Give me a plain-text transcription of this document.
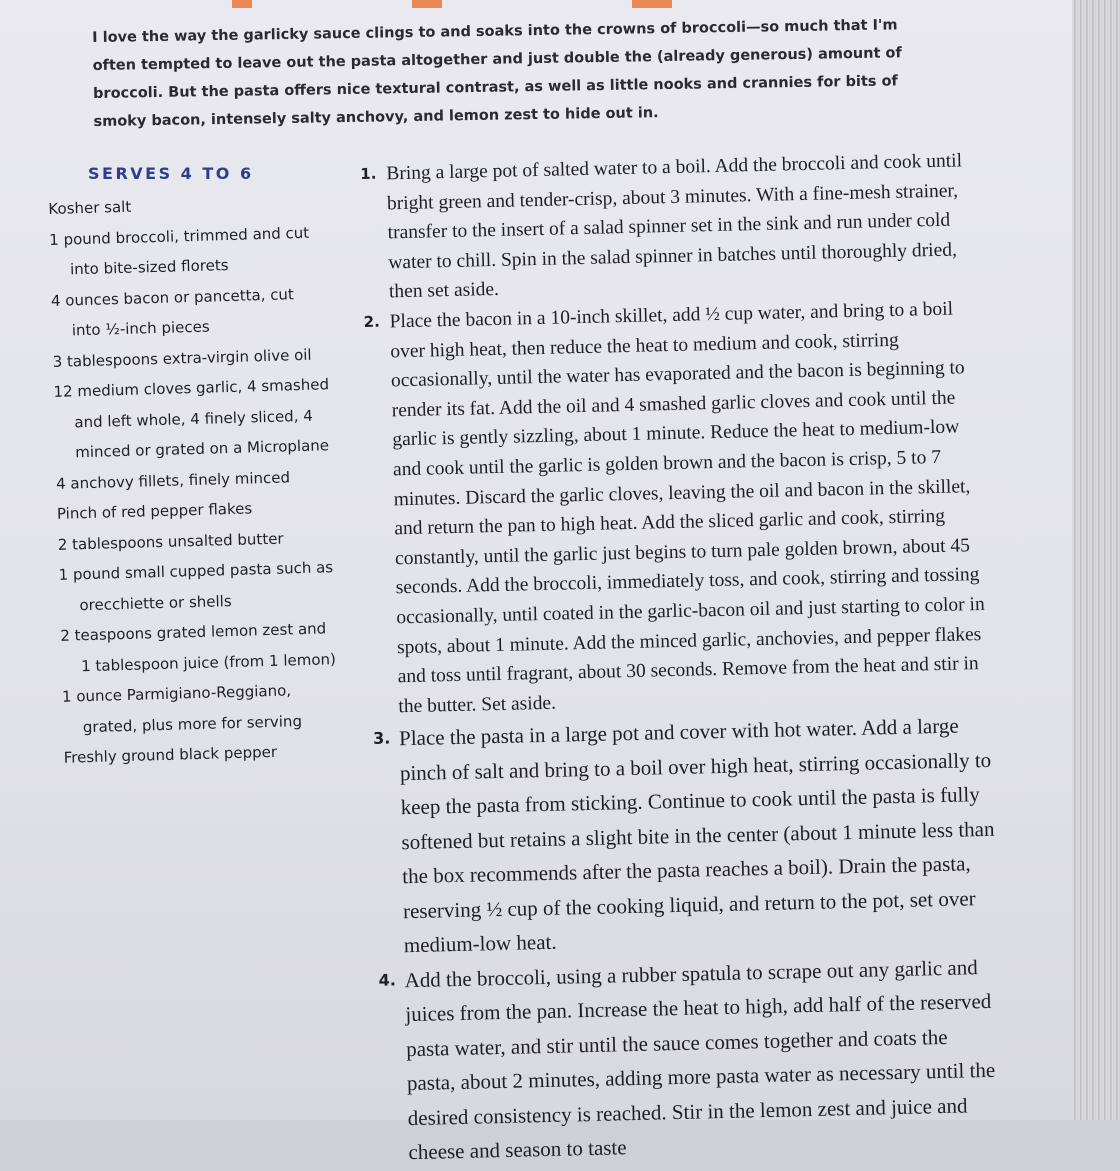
I love the way the garlicky sauce clings to and soaks into the crowns of broccoli—so much that I'm often tempted to leave out the pasta altogether and just double the (already generous) amount of broccoli. But the pasta offers nice textural contrast, as well as little nooks and crannies for bits of smoky bacon, intensely salty anchovy, and lemon zest to hide out in.

SERVES 4 TO 6
Kosher salt
1 pound broccoli, trimmed and cut
into bite-sized florets
4 ounces bacon or pancetta, cut
into ½-inch pieces
3 tablespoons extra-virgin olive oil
12 medium cloves garlic, 4 smashed
and left whole, 4 finely sliced, 4
minced or grated on a Microplane
4 anchovy fillets, finely minced
Pinch of red pepper flakes
2 tablespoons unsalted butter
1 pound small cupped pasta such as
orecchiette or shells
2 teaspoons grated lemon zest and
1 tablespoon juice (from 1 lemon)
1 ounce Parmigiano-Reggiano,
grated, plus more for serving
Freshly ground black pepper
1. Bring a large pot of salted water to a boil. Add the broccoli and cook until bright green and tender-crisp, about 3 minutes. With a fine-mesh strainer, transfer to the insert of a salad spinner set in the sink and run under cold water to chill. Spin in the salad spinner in batches until thoroughly dried, then set aside.
2. Place the bacon in a 10-inch skillet, add ½ cup water, and bring to a boil over high heat, then reduce the heat to medium and cook, stirring occasionally, until the water has evaporated and the bacon is beginning to render its fat. Add the oil and 4 smashed garlic cloves and cook until the garlic is gently sizzling, about 1 minute. Reduce the heat to medium-low and cook until the garlic is golden brown and the bacon is crisp, 5 to 7 minutes. Discard the garlic cloves, leaving the oil and bacon in the skillet, and return the pan to high heat. Add the sliced garlic and cook, stirring constantly, until the garlic just begins to turn pale golden brown, about 45 seconds. Add the broccoli, immediately toss, and cook, stirring and tossing occasionally, until coated in the garlic-bacon oil and just starting to color in spots, about 1 minute. Add the minced garlic, anchovies, and pepper flakes and toss until fragrant, about 30 seconds. Remove from the heat and stir in the butter. Set aside.
3. Place the pasta in a large pot and cover with hot water. Add a large pinch of salt and bring to a boil over high heat, stirring occasionally to keep the pasta from sticking. Continue to cook until the pasta is fully softened but retains a slight bite in the center (about 1 minute less than the box recommends after the pasta reaches a boil). Drain the pasta, reserving ½ cup of the cooking liquid, and return to the pot, set over medium-low heat.
4. Add the broccoli, using a rubber spatula to scrape out any garlic and juices from the pan. Increase the heat to high, add half of the reserved pasta water, and stir until the sauce comes together and coats the pasta, about 2 minutes, adding more pasta water as necessary until the desired consistency is reached. Stir in the lemon zest and juice and cheese and season to taste
